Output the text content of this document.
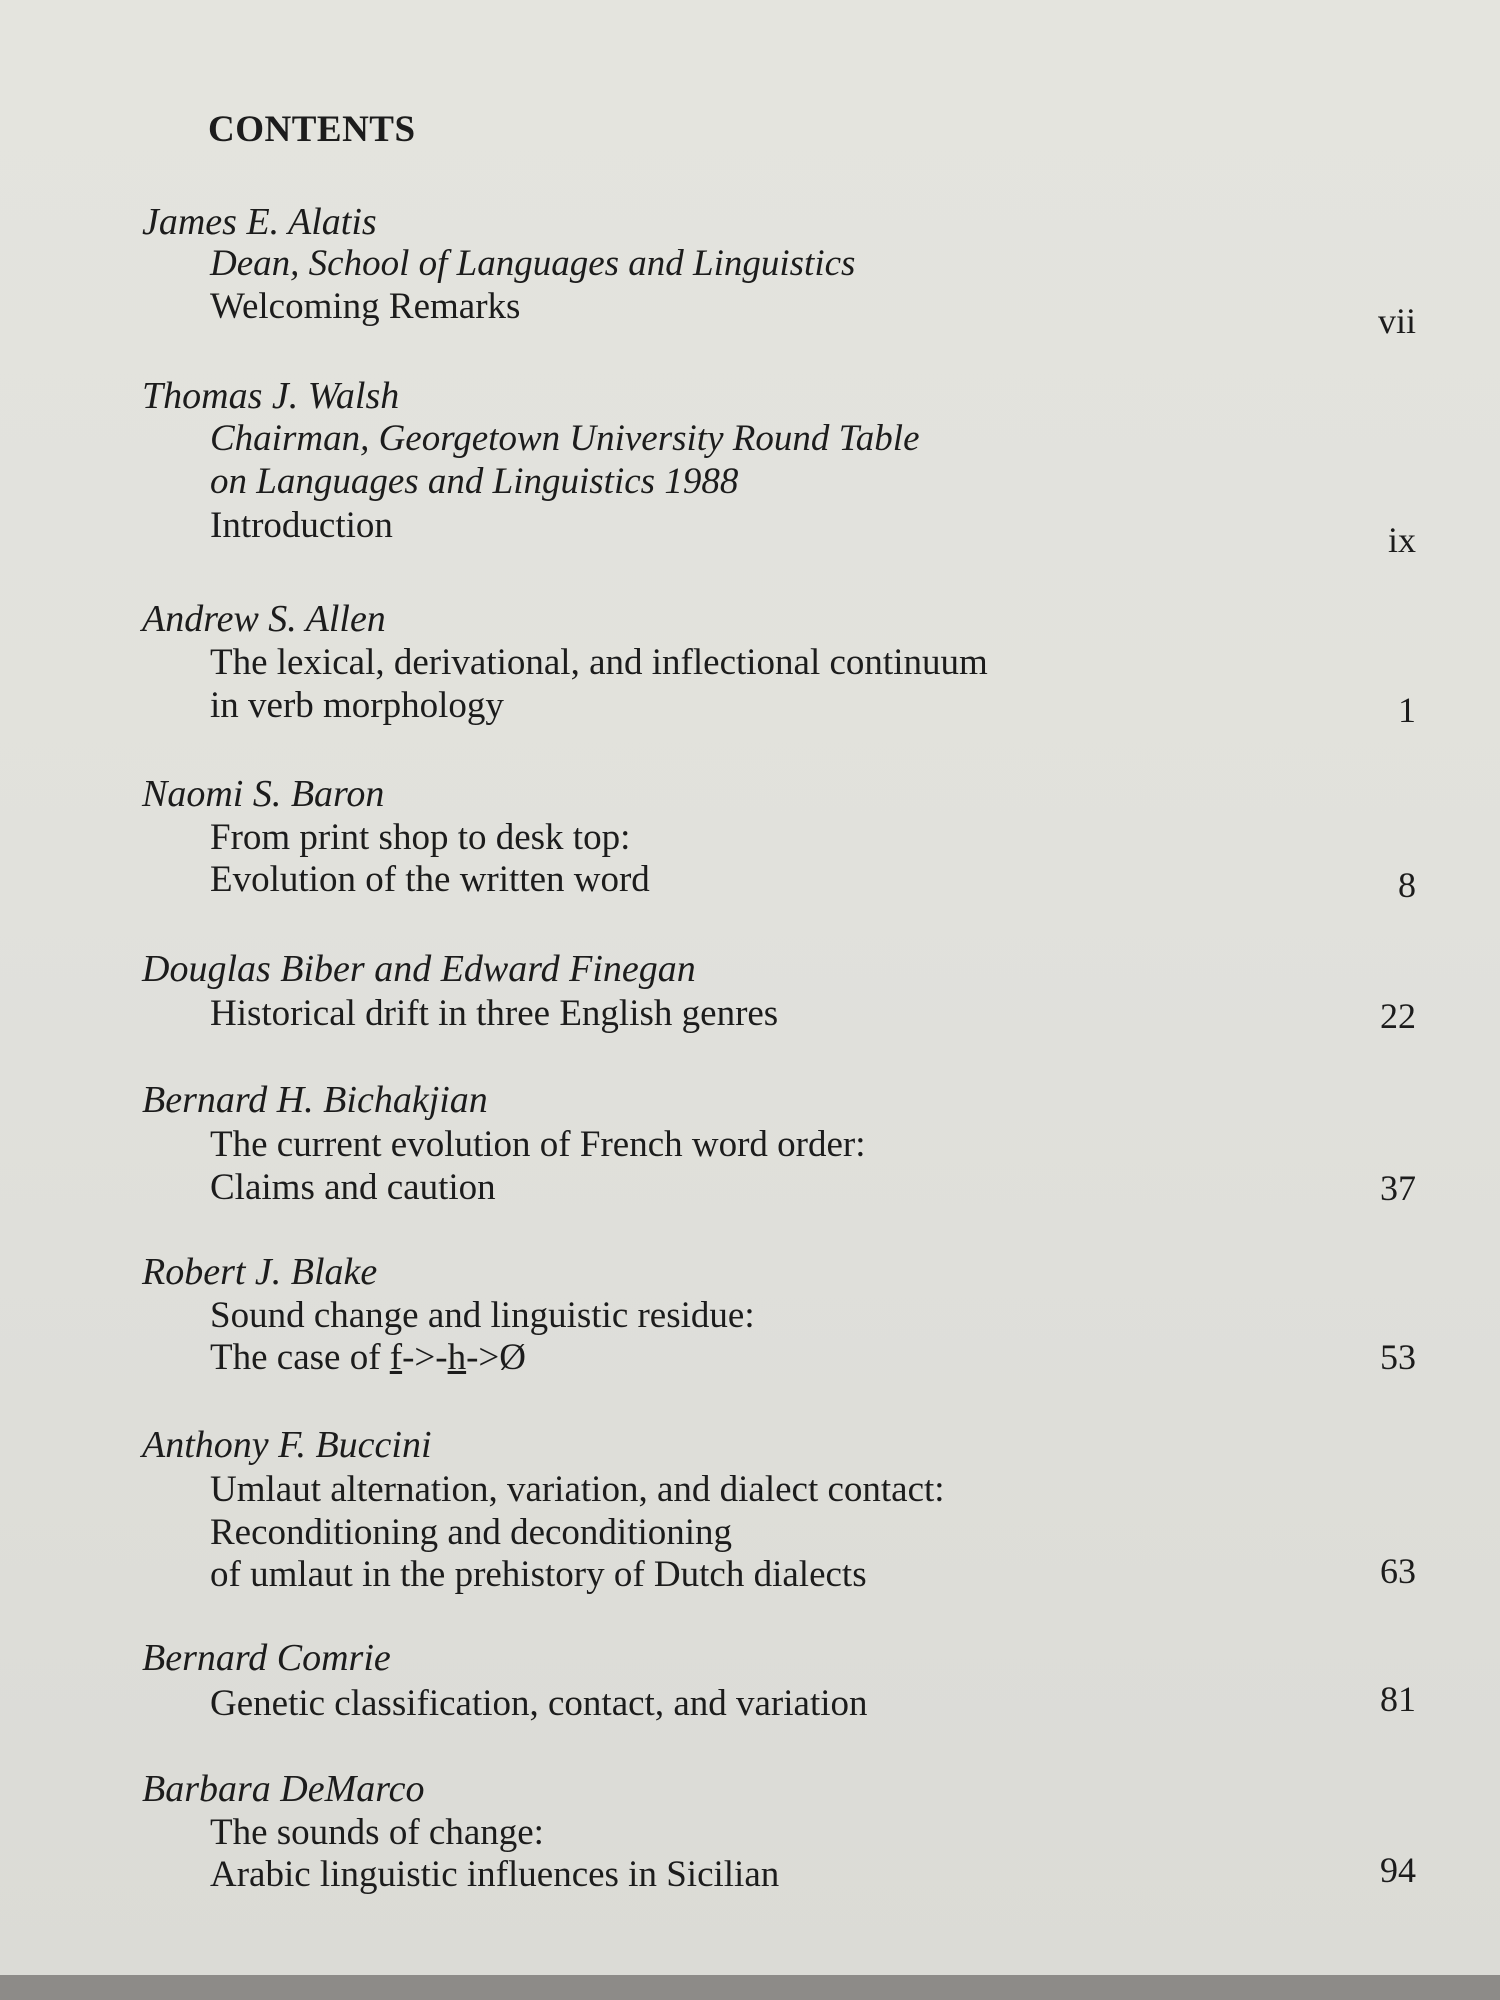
CONTENTS
James E. Alatis
Dean, School of Languages and Linguistics
Welcoming Remarks	vii
Thomas J. Walsh
Chairman, Georgetown University Round Table
on Languages and Linguistics 1988
Introduction	ix
Andrew S. Allen
The lexical, derivational, and inflectional continuum
in verb morphology	1
Naomi S. Baron
From print shop to desk top:
Evolution of the written word	8
Douglas Biber and Edward Finegan
Historical drift in three English genres	22
Bernard H. Bichakjian
The current evolution of French word order:
Claims and caution	37
Robert J. Blake
Sound change and linguistic residue:
The case of f->-h->Ø	53
Anthony F. Buccini
Umlaut alternation, variation, and dialect contact:
Reconditioning and deconditioning
of umlaut in the prehistory of Dutch dialects	63
Bernard Comrie
Genetic classification, contact, and variation	81
Barbara DeMarco
The sounds of change:
Arabic linguistic influences in Sicilian	94
